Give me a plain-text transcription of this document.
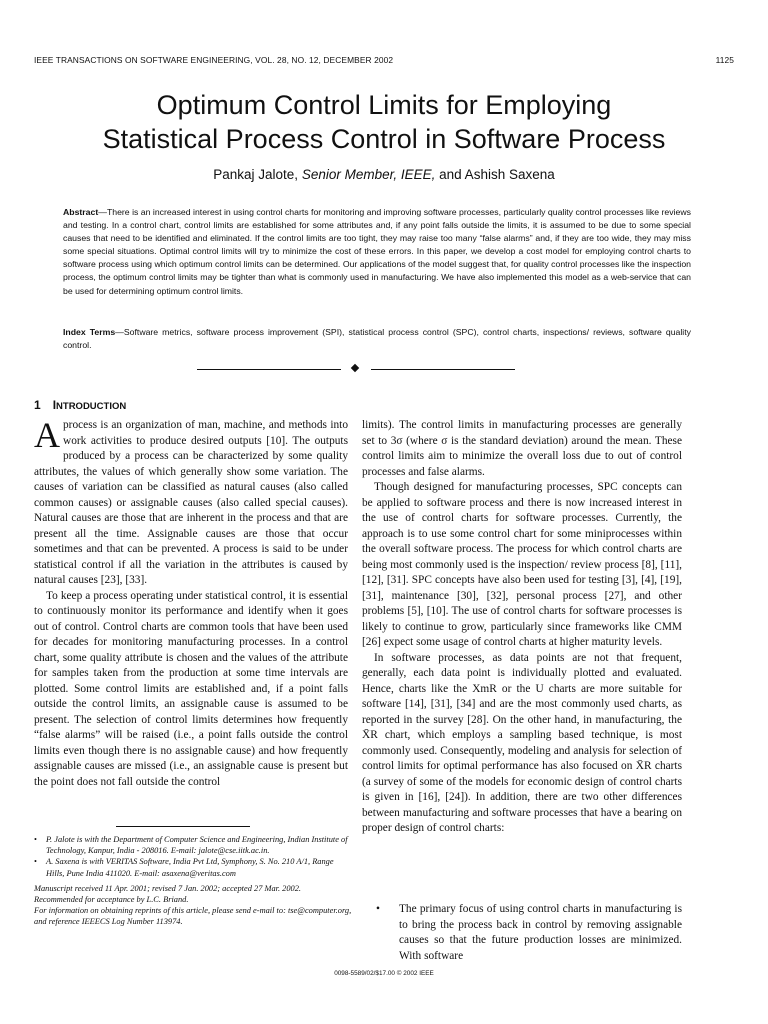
IEEE TRANSACTIONS ON SOFTWARE ENGINEERING, VOL. 28, NO. 12, DECEMBER 2002	1125
Optimum Control Limits for Employing
Statistical Process Control in Software Process
Pankaj Jalote, Senior Member, IEEE, and Ashish Saxena
Abstract—There is an increased interest in using control charts for monitoring and improving software processes, particularly quality control processes like reviews and testing. In a control chart, control limits are established for some attributes and, if any point falls outside the limits, it is assumed to be due to some special causes that need to be identified and eliminated. If the control limits are too tight, they may raise too many “false alarms” and, if they are too wide, they may miss some special situations. Optimal control limits will try to minimize the cost of these errors. In this paper, we develop a cost model for employing control charts to software process using which optimum control limits can be determined. Our applications of the model suggest that, for quality control processes like the inspection process, the optimum control limits may be tighter than what is commonly used in manufacturing. We have also implemented this model as a web-service that can be used for determining optimum control limits.
Index Terms—Software metrics, software process improvement (SPI), statistical process control (SPC), control charts, inspections/ reviews, software quality control.
1 INTRODUCTION

Aprocess is an organization of man, machine, and methods into work activities to produce desired outputs [10]. The outputs produced by a process can be characterized by some quality attributes, the values of which generally show some variation. The causes of variation can be classified as natural causes (also called common causes) or assignable causes (also called special causes). Natural causes are those that are inherent in the process and that are present all the time. Assignable causes are those that occur sometimes and that can be prevented. A process is said to be under statistical control if all the variation in the attributes is caused by natural causes [23], [33].

To keep a process operating under statistical control, it is essential to continuously monitor its performance and identify when it goes out of control. Control charts are common tools that have been used for decades for monitoring manufacturing processes. In a control chart, some quality attribute is chosen and the values of the attribute for samples taken from the production at some time intervals are plotted. Some control limits are established and, if a point falls outside the control limits, an assignable cause is assumed to be present. The selection of control limits determines how frequently “false alarms” will be raised (i.e., a point falls outside the control limits even though there is no assignable cause) and how frequently assignable causes are missed (i.e., an assignable cause is present but the point does not fall outside the control

limits). The control limits in manufacturing processes are generally set to 3σ (where σ is the standard deviation) around the mean. These control limits aim to minimize the overall loss due to out of control processes and false alarms.

Though designed for manufacturing processes, SPC concepts can be applied to software process and there is now increased interest in the use of control charts for software processes. Currently, the approach is to use some control chart for some miniprocesses within the overall software process. The process for which control charts are being most commonly used is the inspection/ review process [8], [11], [12], [31]. SPC concepts have also been used for testing [3], [4], [19], [31], maintenance [30], [32], personal process [27], and other problems [5], [10]. The use of control charts for software processes is likely to continue to grow, particularly since frameworks like CMM [26] expect some usage of control charts at higher maturity levels.

In software processes, as data points are not that frequent, generally, each data point is individually plotted and evaluated. Hence, charts like the XmR or the U charts are more suitable for software [14], [31], [34] and are the most commonly used charts, as reported in the survey [28]. On the other hand, in manufacturing, the X̄R chart, which employs a sampling based technique, is most commonly used. Consequently, modeling and analysis for selection of control limits for optimal performance has also focused on X̄R charts (a survey of some of the models for economic design of control charts is given in [16], [24]). In addition, there are two other differences between manufacturing and software processes that have a bearing on proper design of control charts:

• The primary focus of using control charts in manufacturing is to bring the process back in control by removing assignable causes so that the future production losses are minimized. With software
• P. Jalote is with the Department of Computer Science and Engineering, Indian Institute of Technology, Kanpur, India - 208016. E-mail: jalote@cse.iitk.ac.in.
• A. Saxena is with VERITAS Software, India Pvt Ltd, Symphony, S. No. 210 A/1, Range Hills, Pune India 411020. E-mail: asaxena@veritas.com
Manuscript received 11 Apr. 2001; revised 7 Jan. 2002; accepted 27 Mar. 2002.
Recommended for acceptance by L.C. Briand.
For information on obtaining reprints of this article, please send e-mail to: tse@computer.org, and reference IEEECS Log Number 113974.
0098-5589/02/$17.00 © 2002 IEEE
